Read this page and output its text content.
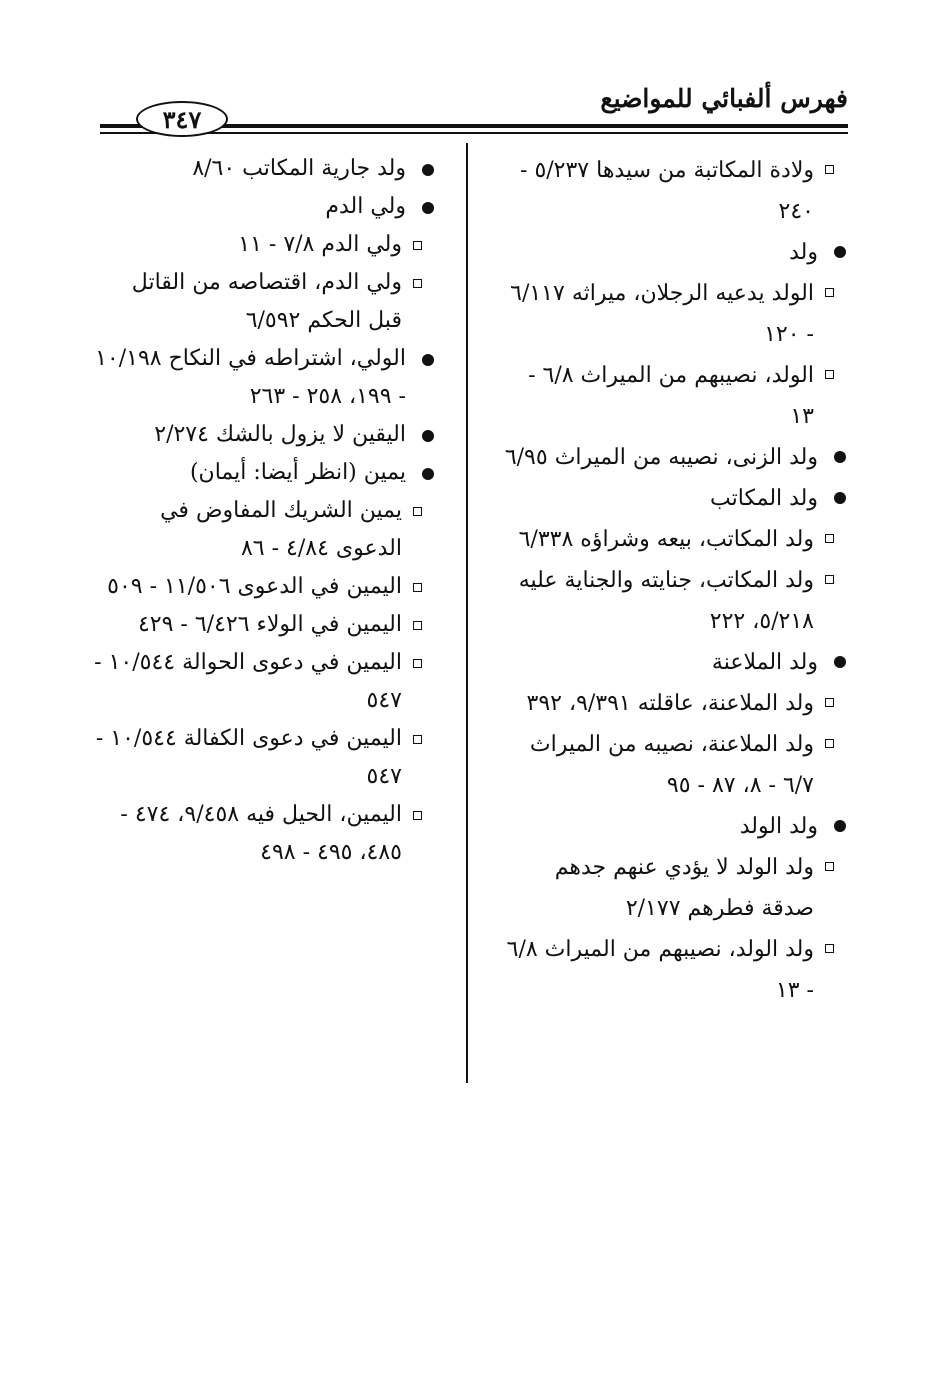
فهرس ألفبائي للمواضيع
٣٤٧
ولادة المكاتبة من سيدها ٥/٢٣٧ - ٢٤٠
ولد
الولد يدعيه الرجلان، ميراثه ٦/١١٧ - ١٢٠
الولد، نصيبهم من الميراث ٦/٨ - ١٣
ولد الزنى، نصيبه من الميراث ٦/٩٥
ولد المكاتب
ولد المكاتب، بيعه وشراؤه ٦/٣٣٨
ولد المكاتب، جنايته والجناية عليه ٥/٢١٨، ٢٢٢
ولد الملاعنة
ولد الملاعنة، عاقلته ٩/٣٩١، ٣٩٢
ولد الملاعنة، نصيبه من الميراث ٦/٧ - ٨، ٨٧ - ٩٥
ولد الولد
ولد الولد لا يؤدي عنهم جدهم صدقة فطرهم ٢/١٧٧
ولد الولد، نصيبهم من الميراث ٦/٨ - ١٣
ولد جارية المكاتب ٨/٦٠
ولي الدم
ولي الدم ٧/٨ - ١١
ولي الدم، اقتصاصه من القاتل قبل الحكم ٦/٥٩٢
الولي، اشتراطه في النكاح ١٠/١٩٨ - ١٩٩، ٢٥٨ - ٢٦٣
اليقين لا يزول بالشك ٢/٢٧٤
يمين (انظر أيضا: أيمان)
يمين الشريك المفاوض في الدعوى ٤/٨٤ - ٨٦
اليمين في الدعوى ١١/٥٠٦ - ٥٠٩
اليمين في الولاء ٦/٤٢٦ - ٤٢٩
اليمين في دعوى الحوالة ١٠/٥٤٤ - ٥٤٧
اليمين في دعوى الكفالة ١٠/٥٤٤ - ٥٤٧
اليمين، الحيل فيه ٩/٤٥٨، ٤٧٤ - ٤٨٥، ٤٩٥ - ٤٩٨
